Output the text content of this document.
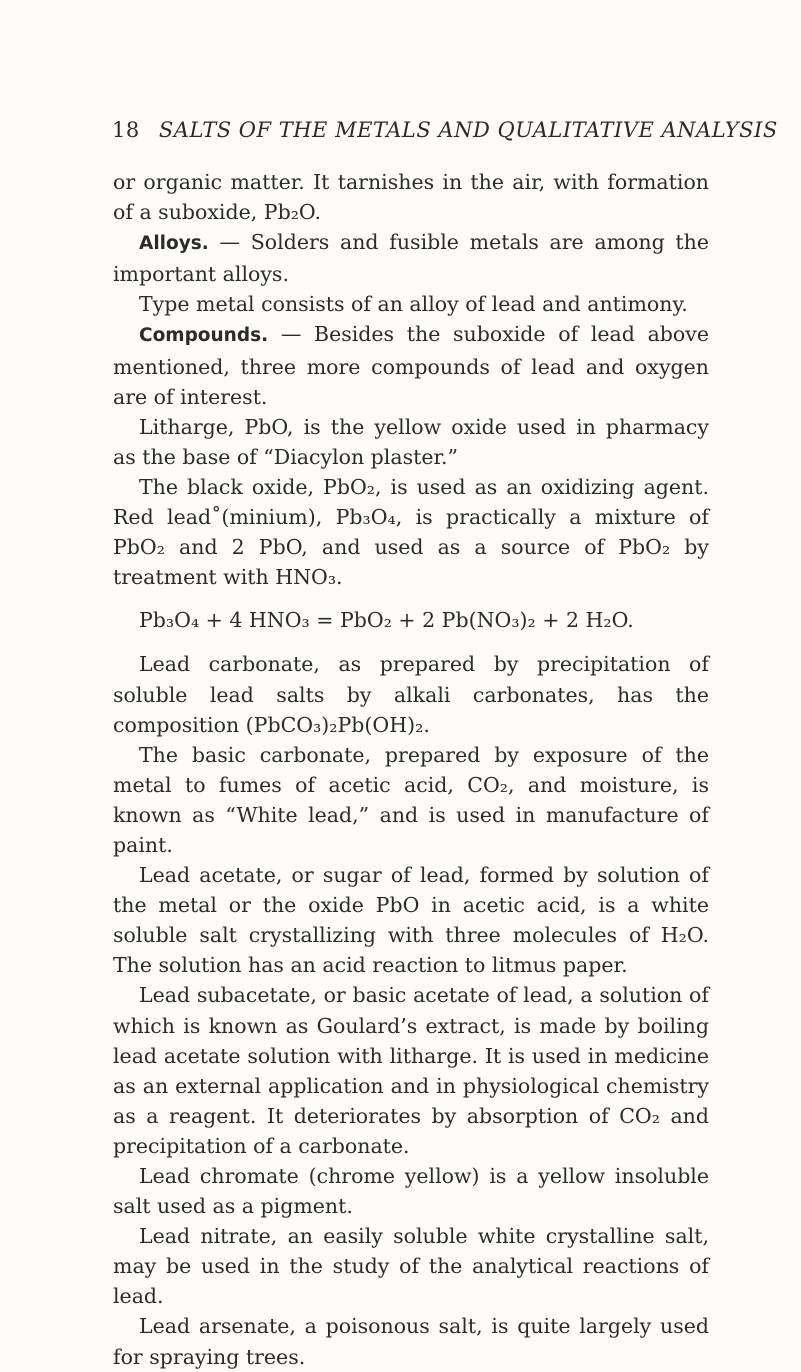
18 SALTS OF THE METALS AND QUALITATIVE ANALYSIS

or organic matter. It tarnishes in the air, with formation of a suboxide, Pb₂O.

Alloys. — Solders and fusible metals are among the important alloys.

Type metal consists of an alloy of lead and antimony.

Compounds. — Besides the suboxide of lead above mentioned, three more compounds of lead and oxygen are of interest.

Litharge, PbO, is the yellow oxide used in pharmacy as the base of “Diacylon plaster.”

The black oxide, PbO₂, is used as an oxidizing agent. Red lead˚(minium), Pb₃O₄, is practically a mixture of PbO₂ and 2 PbO, and used as a source of PbO₂ by treatment with HNO₃.

Pb₃O₄ + 4 HNO₃ = PbO₂ + 2 Pb(NO₃)₂ + 2 H₂O.

Lead carbonate, as prepared by precipitation of soluble lead salts by alkali carbonates, has the composition (PbCO₃)₂Pb(OH)₂.

The basic carbonate, prepared by exposure of the metal to fumes of acetic acid, CO₂, and moisture, is known as “White lead,” and is used in manufacture of paint.

Lead acetate, or sugar of lead, formed by solution of the metal or the oxide PbO in acetic acid, is a white soluble salt crystallizing with three molecules of H₂O. The solution has an acid reaction to litmus paper.

Lead subacetate, or basic acetate of lead, a solution of which is known as Goulard’s extract, is made by boiling lead acetate solution with litharge. It is used in medicine as an external application and in physiological chemistry as a reagent. It deteriorates by absorption of CO₂ and precipitation of a carbonate.

Lead chromate (chrome yellow) is a yellow insoluble salt used as a pigment.

Lead nitrate, an easily soluble white crystalline salt, may be used in the study of the analytical reactions of lead.

Lead arsenate, a poisonous salt, is quite largely used for spraying trees.
